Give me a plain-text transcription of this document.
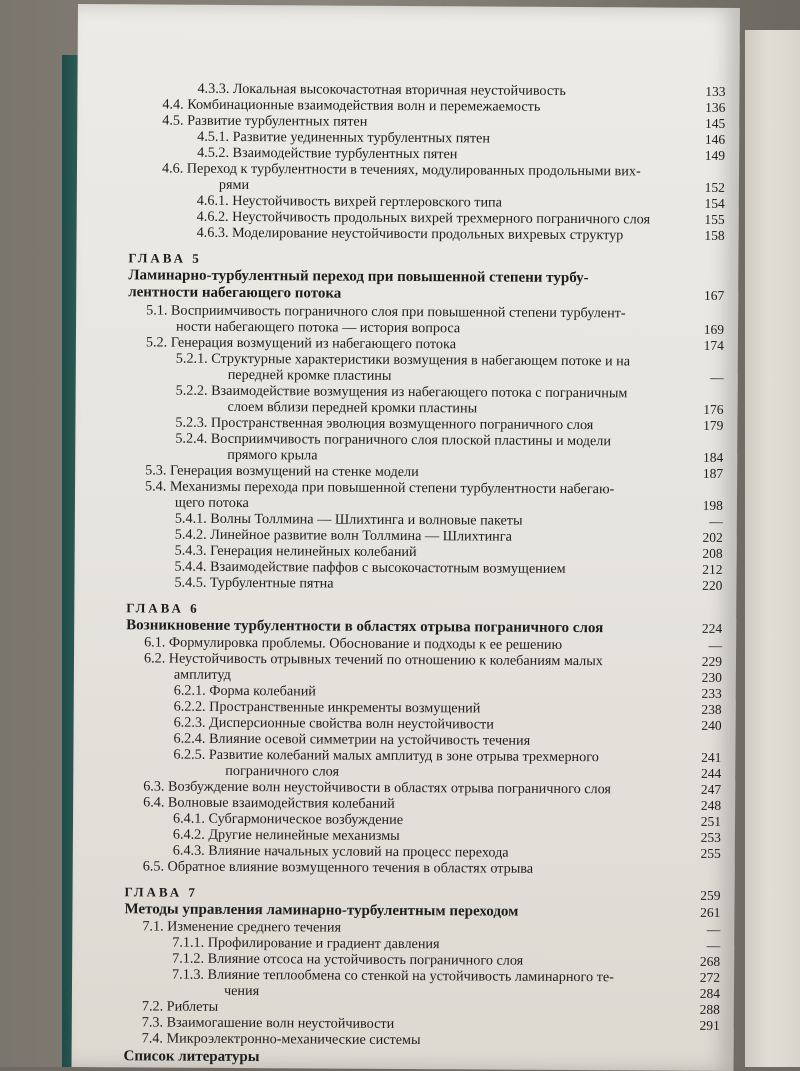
4.3.3. Локальная высокочастотная вторичная неустойчивость
4.4. Комбинационные взаимодействия волн и перемежаемость
4.5. Развитие турбулентных пятен
4.5.1. Развитие уединенных турбулентных пятен
4.5.2. Взаимодействие турбулентных пятен
4.6. Переход к турбулентности в течениях, модулированных продольными вих-
рями
4.6.1. Неустойчивость вихрей гертлеровского типа
4.6.2. Неустойчивость продольных вихрей трехмерного пограничного слоя
4.6.3. Моделирование неустойчивости продольных вихревых структур
ГЛАВА 5
Ламинарно-турбулентный переход при повышенной степени турбу-
лентности набегающего потока
5.1. Восприимчивость пограничного слоя при повышенной степени турбулент-
ности набегающего потока — история вопроса
5.2. Генерация возмущений из набегающего потока
5.2.1. Структурные характеристики возмущения в набегающем потоке и на
передней кромке пластины
5.2.2. Взаимодействие возмущения из набегающего потока с пограничным
слоем вблизи передней кромки пластины
5.2.3. Пространственная эволюция возмущенного пограничного слоя
5.2.4. Восприимчивость пограничного слоя плоской пластины и модели
прямого крыла
5.3. Генерация возмущений на стенке модели
5.4. Механизмы перехода при повышенной степени турбулентности набегаю-
щего потока
5.4.1. Волны Толлмина — Шлихтинга и волновые пакеты
5.4.2. Линейное развитие волн Толлмина — Шлихтинга
5.4.3. Генерация нелинейных колебаний
5.4.4. Взаимодействие паффов с высокочастотным возмущением
5.4.5. Турбулентные пятна
ГЛАВА 6
Возникновение турбулентности в областях отрыва пограничного слоя
6.1. Формулировка проблемы. Обоснование и подходы к ее решению
6.2. Неустойчивость отрывных течений по отношению к колебаниям малых
амплитуд
6.2.1. Форма колебаний
6.2.2. Пространственные инкременты возмущений
6.2.3. Дисперсионные свойства волн неустойчивости
6.2.4. Влияние осевой симметрии на устойчивость течения
6.2.5. Развитие колебаний малых амплитуд в зоне отрыва трехмерного
пограничного слоя
6.3. Возбуждение волн неустойчивости в областях отрыва пограничного слоя
6.4. Волновые взаимодействия колебаний
6.4.1. Субгармоническое возбуждение
6.4.2. Другие нелинейные механизмы
6.4.3. Влияние начальных условий на процесс перехода
6.5. Обратное влияние возмущенного течения в областях отрыва
ГЛАВА 7
Методы управления ламинарно-турбулентным переходом
7.1. Изменение среднего течения
7.1.1. Профилирование и градиент давления
7.1.2. Влияние отсоса на устойчивость пограничного слоя
7.1.3. Влияние теплообмена со стенкой на устойчивость ламинарного те-
чения
7.2. Риблеты
7.3. Взаимогашение волн неустойчивости
7.4. Микроэлектронно-механические системы
Список литературы
133
136
145
146
149
152
154
155
158
167
169
174
—
176
179
184
187
198
—
202
208
212
220
224
—
229
230
233
238
240
241
244
247
248
251
253
255
259
261
—
—
268
272
284
288
291
